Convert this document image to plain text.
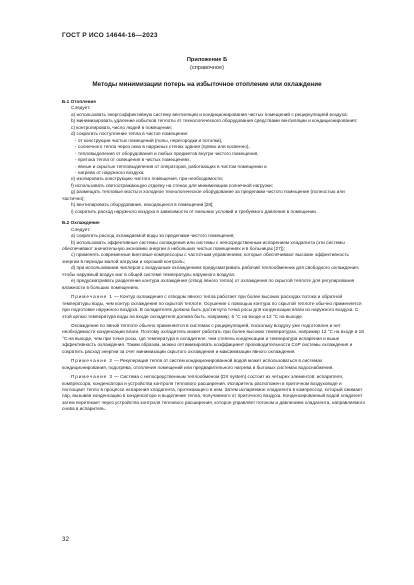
ГОСТ Р ИСО 14644-16—2023
Приложение Б
(справочное)
Методы минимизации потерь на избыточное отопление или охлаждение

Б.1 Отопление

Следует:

a) использовать энергоэффективную систему вентиляции и кондиционирования чистых помещений с рециркуляцией воздуха;

b) минимизировать удаление избытков теплоты от технологического оборудования средствами вентиляции и кондиционирования;

c) контролировать число людей в помещении;

d) сократить поступление тепла в чистое помещение:

- от конструкции чистых помещений (полы, перегородки и потолки),

- солнечного тепла через окна в наружных стенах здания (прямо или косвенно),

- тепловыделения от оборудования и любых предметов внутри чистого помещения,

- притока тепла от освещения в чистых помещениях,

- явные и скрытые тепловыделения от операторов, работающих в чистом помещении и

- нагрева от наружного воздуха.

e) изолировать конструкцию чистого помещения, при необходимости;

f) использовать светоотражающую отделку на стенах для минимизации солнечной нагрузки;

g) размещать тепловые мосты и холодное технологическое оборудование за пределами чистого помещения (полностью или частично);

h) вентилировать оборудование, находящееся в помещении [28];

i) сократить расход наружного воздуха в зависимости от внешних условий и требуемого давления в помещении.

Б.2 Охлаждение

Следует:

a) сократить расход охлаждаемой воды за пределами чистого помещения;

b) использовать эффективные системы охлаждения или системы с непосредственным испарением хладагента (эти системы обеспечивают значительную экономию энергии в небольших чистых помещениях и в больницах [27]);

c) применять современные винтовые компрессоры с частотным управлением, которые обеспечивают высокие эффективность энергии в периоды малой нагрузки и хороший контроль;

d) при использовании чиллеров с воздушным охлаждением предусматривать рабочий теплообменник для свободного охлаждения, чтобы наружный воздух мог в общей системе температуры наружного воздуха;

e) предусматривать разделение контура охлаждения (отвод явного тепла) от охлаждения по скрытой теплоте для регулирования влажности в больших помещениях.

Примечание 1 — Контур охлаждения с отводом явного тепла работает при более высоких расходах потока и обратной температуры воды, чем контур охлаждения по скрытой теплоте. Осушение с помощью контура по скрытой теплоте обычно применяется при подготовке наружного воздуха. В охладителях должна быть достигнута точка росы для конденсации влаги из наружного воздуха. С этой целью температура воды на входе охладителя должна быть, например, 6 °С на входе и 12 °С на выходе.

Охлаждение по явной теплоте обычно применяется в системах с рециркуляцией, поскольку воздуху уже подготовлен и нет необходимости конденсации влаги. Поэтому охладитель может работать при более высоких температурах, например 12 °С на входе и 18 °С на выходе, чем при точке росы, где температура в охладителе, чем степень конденсации и температура испарения и выше эффективность охлаждения. Таким образом, можно оптимизировать коэффициент производительности СоР системы охлаждения и сократить расход энергии за счет минимизации скрытого охлаждения и максимизации явного охлаждения.

Примечание 2 — Рекуперация тепла от систем кондиционированной водой может использоваться в системах кондиционирования, подогрева, отопления помещений или предварительного нагрева в бытовых системах водоснабжения.

Примечание 3 — Система с непосредственным теплообменом (DX system) состоит из четырех элементов: испарителя, компрессора, конденсатора и устройства контроля теплового расширения. Испаритель расположен в приточном воздуховоде и поглощает тепло в процессе испарения хладагента, протекающего в нем. Затем испаряемое хладагента в компрессор, который сжимает пар, вызывая конденсацию в конденсаторе и выделение тепла, получаемого от приточного воздуха. Конденсированный водой хладагент затем перетекает через устройство контроля теплового расширения, которое управляет потоком и давлением хладагента, направляемого снова в испаритель.

32
